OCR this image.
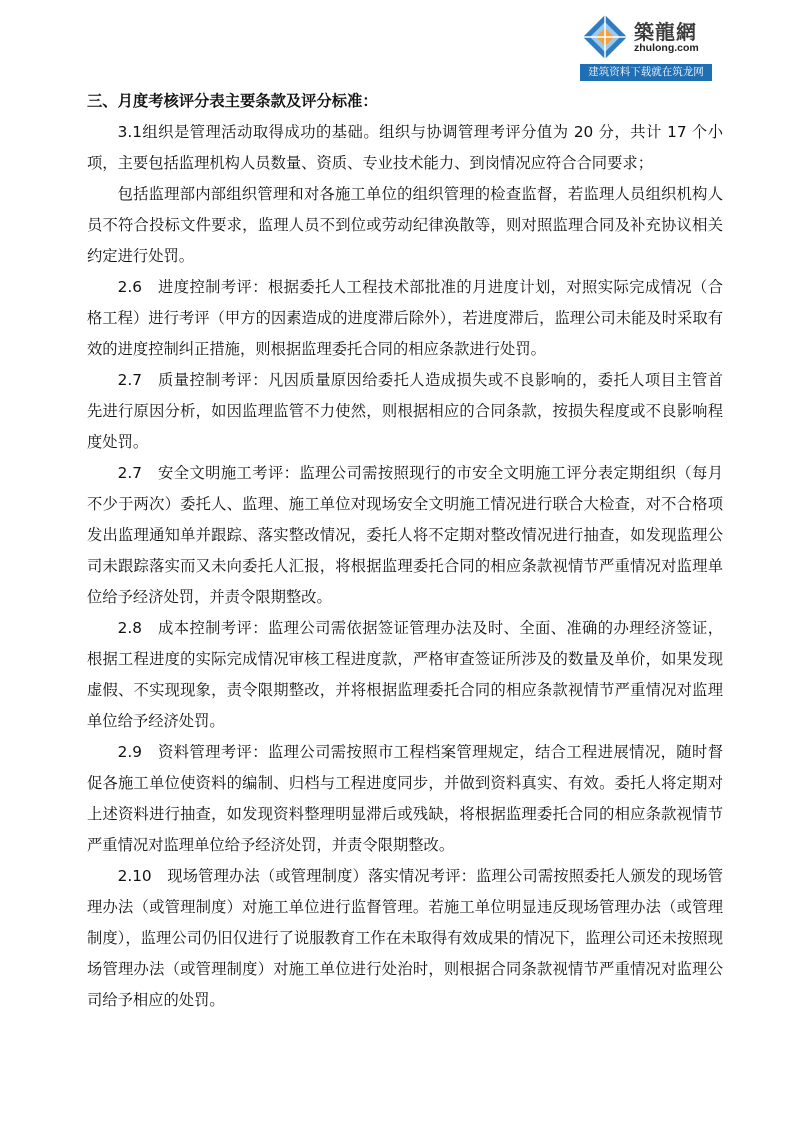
築龍網
zhulong.com
建筑资料下载就在筑龙网

三、月度考核评分表主要条款及评分标准：

3.1组织是管理活动取得成功的基础。组织与协调管理考评分值为 20 分，共计 17 个小项，主要包括监理机构人员数量、资质、专业技术能力、到岗情况应符合合同要求；

包括监理部内部组织管理和对各施工单位的组织管理的检查监督，若监理人员组织机构人员不符合投标文件要求，监理人员不到位或劳动纪律涣散等，则对照监理合同及补充协议相关约定进行处罚。

2.6　进度控制考评：根据委托人工程技术部批准的月进度计划，对照实际完成情况（合格工程）进行考评（甲方的因素造成的进度滞后除外），若进度滞后，监理公司未能及时采取有效的进度控制纠正措施，则根据监理委托合同的相应条款进行处罚。

2.7　质量控制考评：凡因质量原因给委托人造成损失或不良影响的，委托人项目主管首先进行原因分析，如因监理监管不力使然，则根据相应的合同条款，按损失程度或不良影响程度处罚。

2.7　安全文明施工考评：监理公司需按照现行的市安全文明施工评分表定期组织（每月不少于两次）委托人、监理、施工单位对现场安全文明施工情况进行联合大检查，对不合格项发出监理通知单并跟踪、落实整改情况，委托人将不定期对整改情况进行抽查，如发现监理公司未跟踪落实而又未向委托人汇报，将根据监理委托合同的相应条款视情节严重情况对监理单位给予经济处罚，并责令限期整改。

2.8　成本控制考评：监理公司需依据签证管理办法及时、全面、准确的办理经济签证，根据工程进度的实际完成情况审核工程进度款，严格审查签证所涉及的数量及单价，如果发现虚假、不实现现象，责令限期整改，并将根据监理委托合同的相应条款视情节严重情况对监理单位给予经济处罚。

2.9　资料管理考评：监理公司需按照市工程档案管理规定，结合工程进展情况，随时督促各施工单位使资料的编制、归档与工程进度同步，并做到资料真实、有效。委托人将定期对上述资料进行抽查，如发现资料整理明显滞后或残缺，将根据监理委托合同的相应条款视情节严重情况对监理单位给予经济处罚，并责令限期整改。

2.10　现场管理办法（或管理制度）落实情况考评：监理公司需按照委托人颁发的现场管理办法（或管理制度）对施工单位进行监督管理。若施工单位明显违反现场管理办法（或管理制度），监理公司仍旧仅进行了说服教育工作在未取得有效成果的情况下，监理公司还未按照现场管理办法（或管理制度）对施工单位进行处治时，则根据合同条款视情节严重情况对监理公司给予相应的处罚。
